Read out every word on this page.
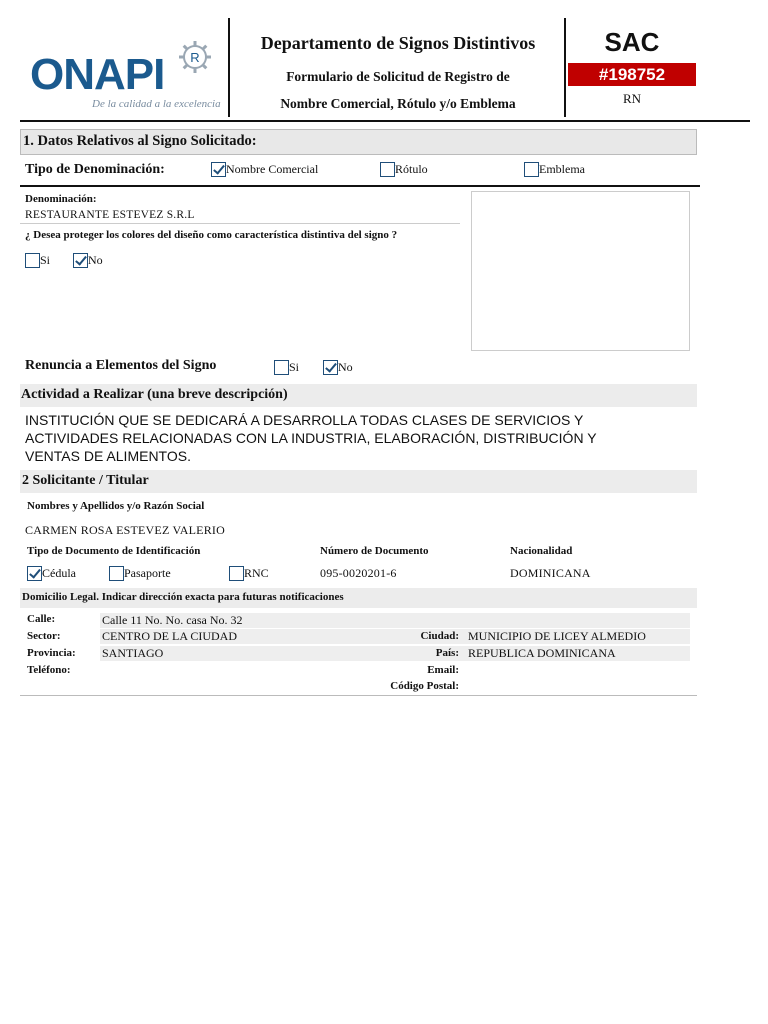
ONAPI R
De la calidad a la excelencia
Departamento de Signos Distintivos
Formulario de Solicitud de Registro de
Nombre Comercial, Rótulo y/o Emblema
SAC
#198752
RN
1. Datos Relativos al Signo Solicitado:
Tipo de Denominación:	Nombre Comercial	Rótulo	Emblema
Denominación:
RESTAURANTE ESTEVEZ S.R.L
¿ Desea proteger los colores del diseño como característica distintiva del signo ?
Si	No
Renuncia a Elementos del Signo	Si	No
Actividad a Realizar (una breve descripción)
INSTITUCIÓN QUE SE DEDICARÁ A DESARROLLA TODAS CLASES DE SERVICIOS Y
ACTIVIDADES RELACIONADAS CON LA INDUSTRIA, ELABORACIÓN, DISTRIBUCIÓN Y
VENTAS DE ALIMENTOS.
2 Solicitante / Titular
Nombres y Apellidos y/o Razón Social
CARMEN ROSA ESTEVEZ VALERIO
Tipo de Documento de Identificación	Número de Documento	Nacionalidad
Cédula	Pasaporte	RNC	095-0020201-6	DOMINICANA
Domicilio Legal. Indicar dirección exacta para futuras notificaciones
Calle:	Calle 11 No. No. casa No. 32
Sector:	CENTRO DE LA CIUDAD	Ciudad: MUNICIPIO DE LICEY ALMEDIO
Provincia: SANTIAGO	País: REPUBLICA DOMINICANA
Teléfono:	Email:
Código Postal:
